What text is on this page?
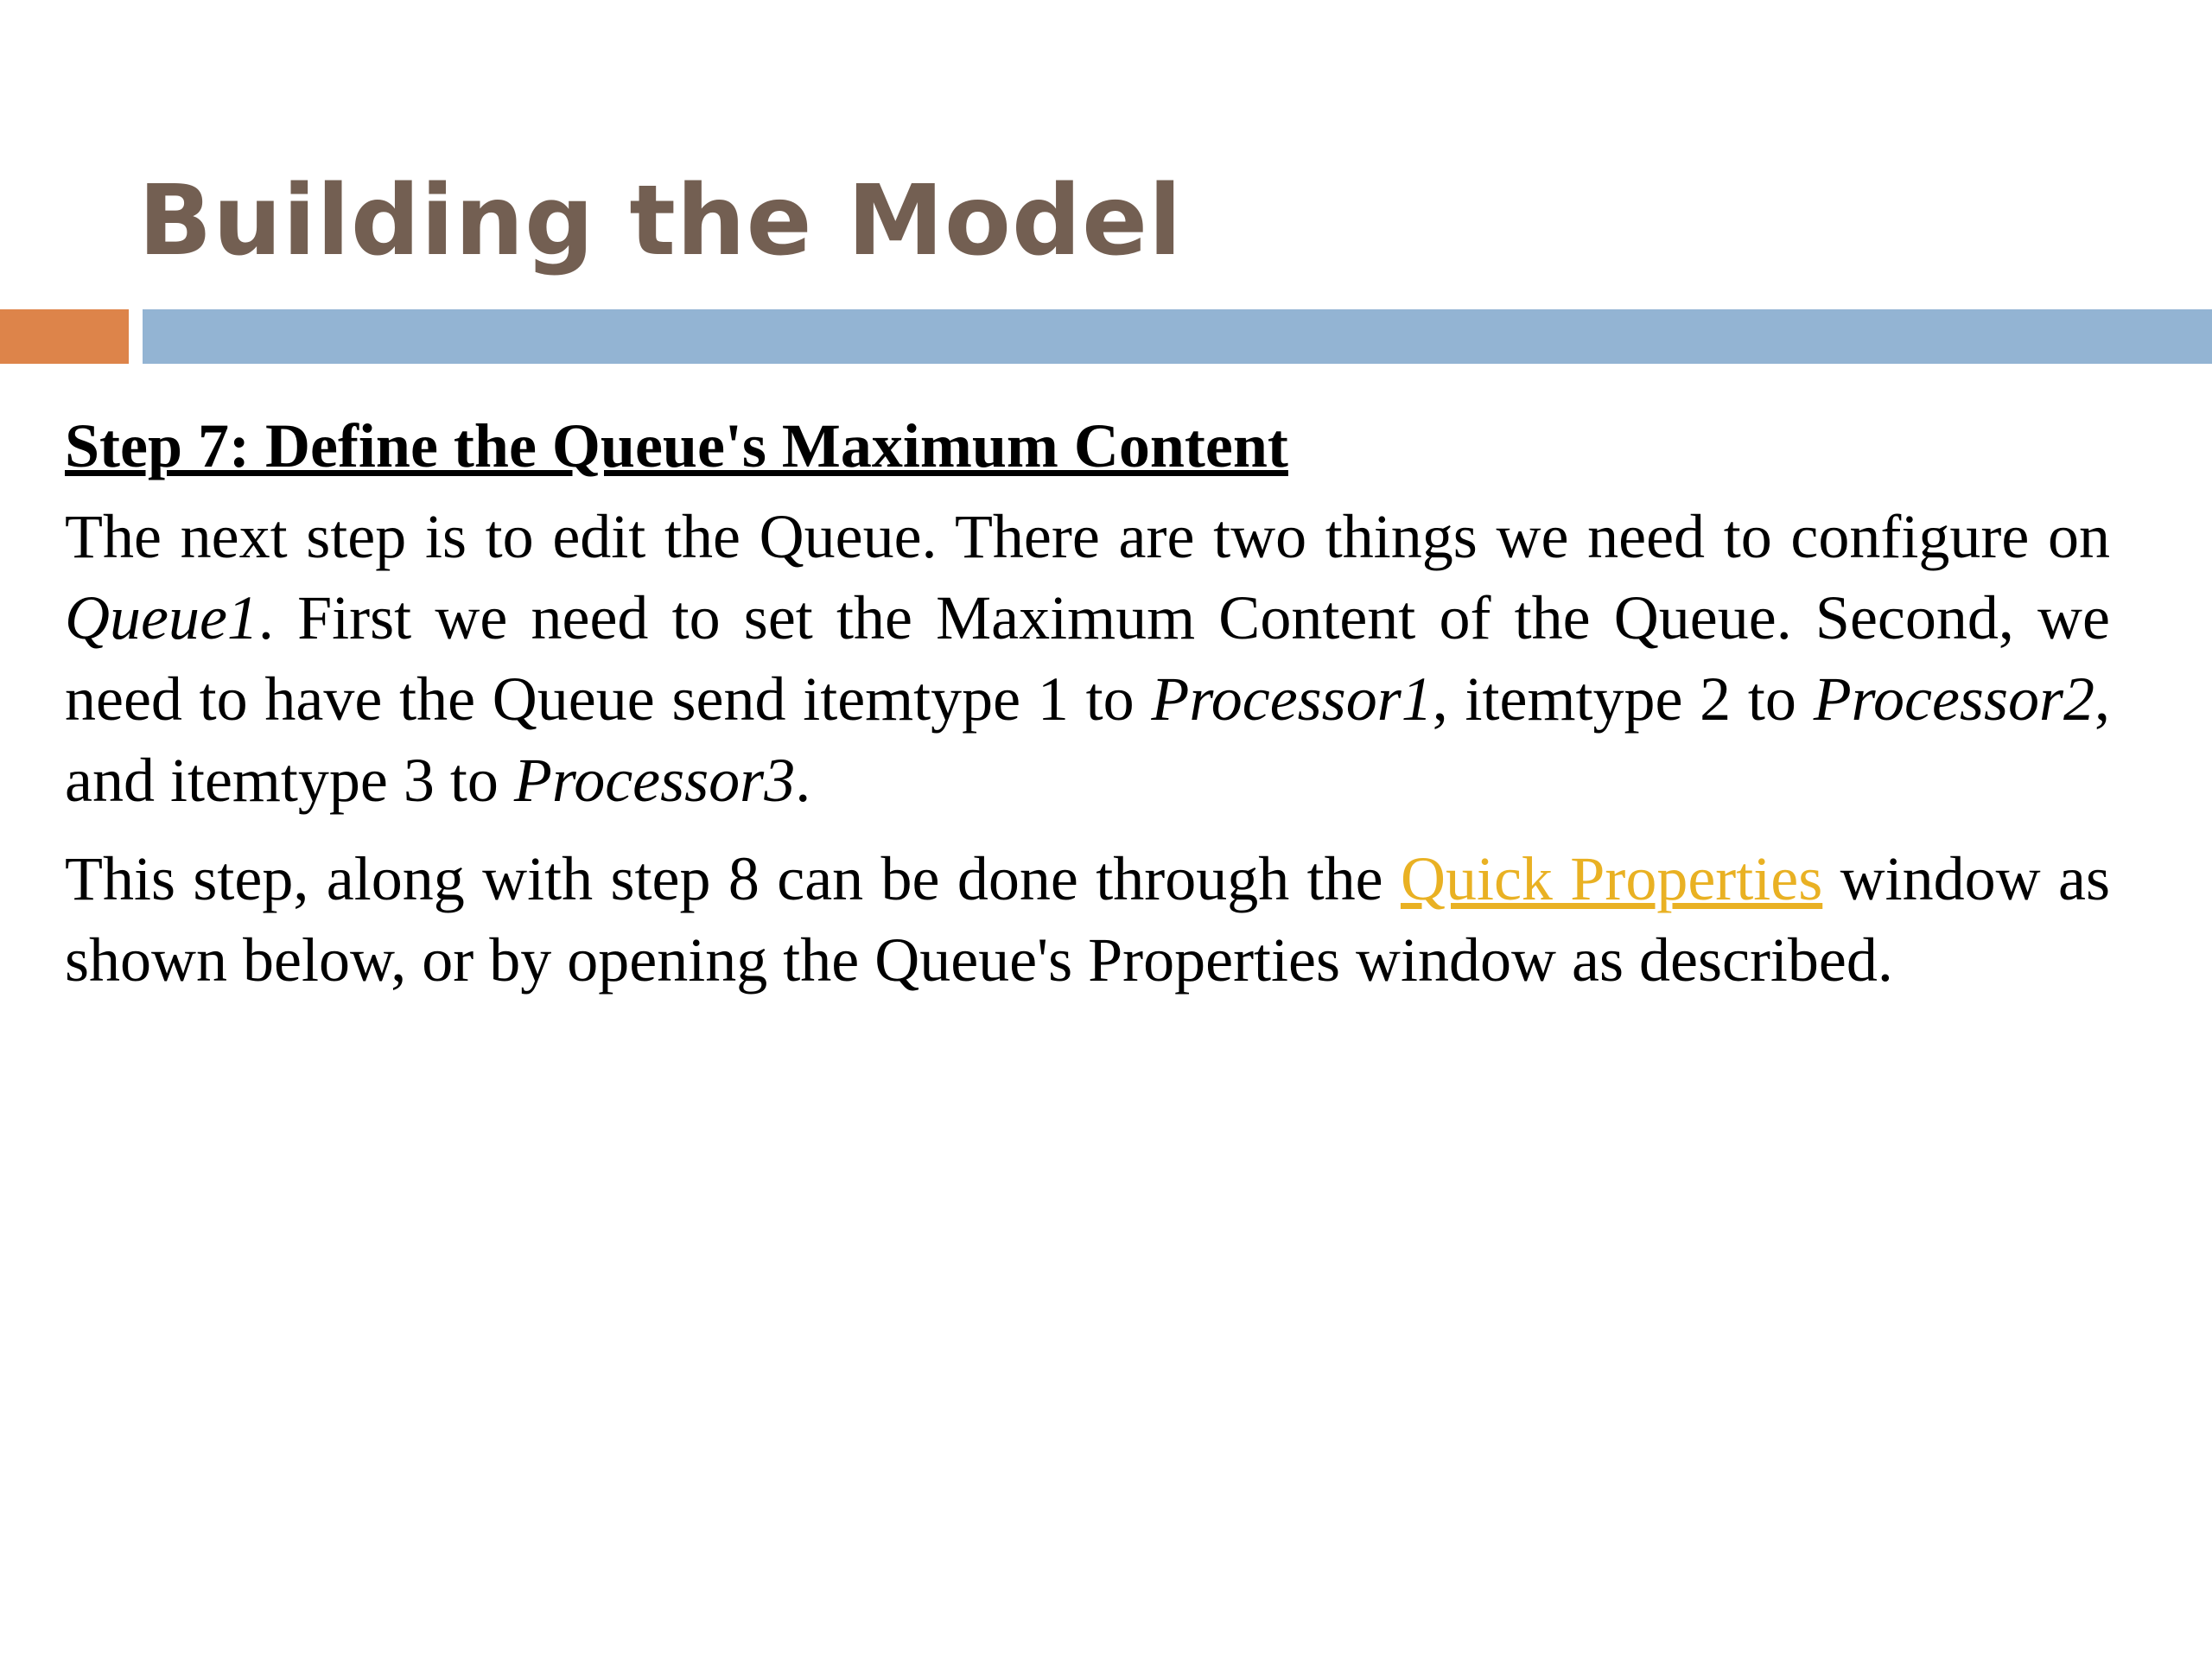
Building the Model

Step 7: Define the Queue's Maximum Content

The next step is to edit the Queue. There are two things we need to configure on Queue1. First we need to set the Maximum Content of the Queue. Second, we need to have the Queue send itemtype 1 to Processor1, itemtype 2 to Processor2, and itemtype 3 to Processor3.

This step, along with step 8 can be done through the Quick Properties window as shown below, or by opening the Queue's Properties window as described.
